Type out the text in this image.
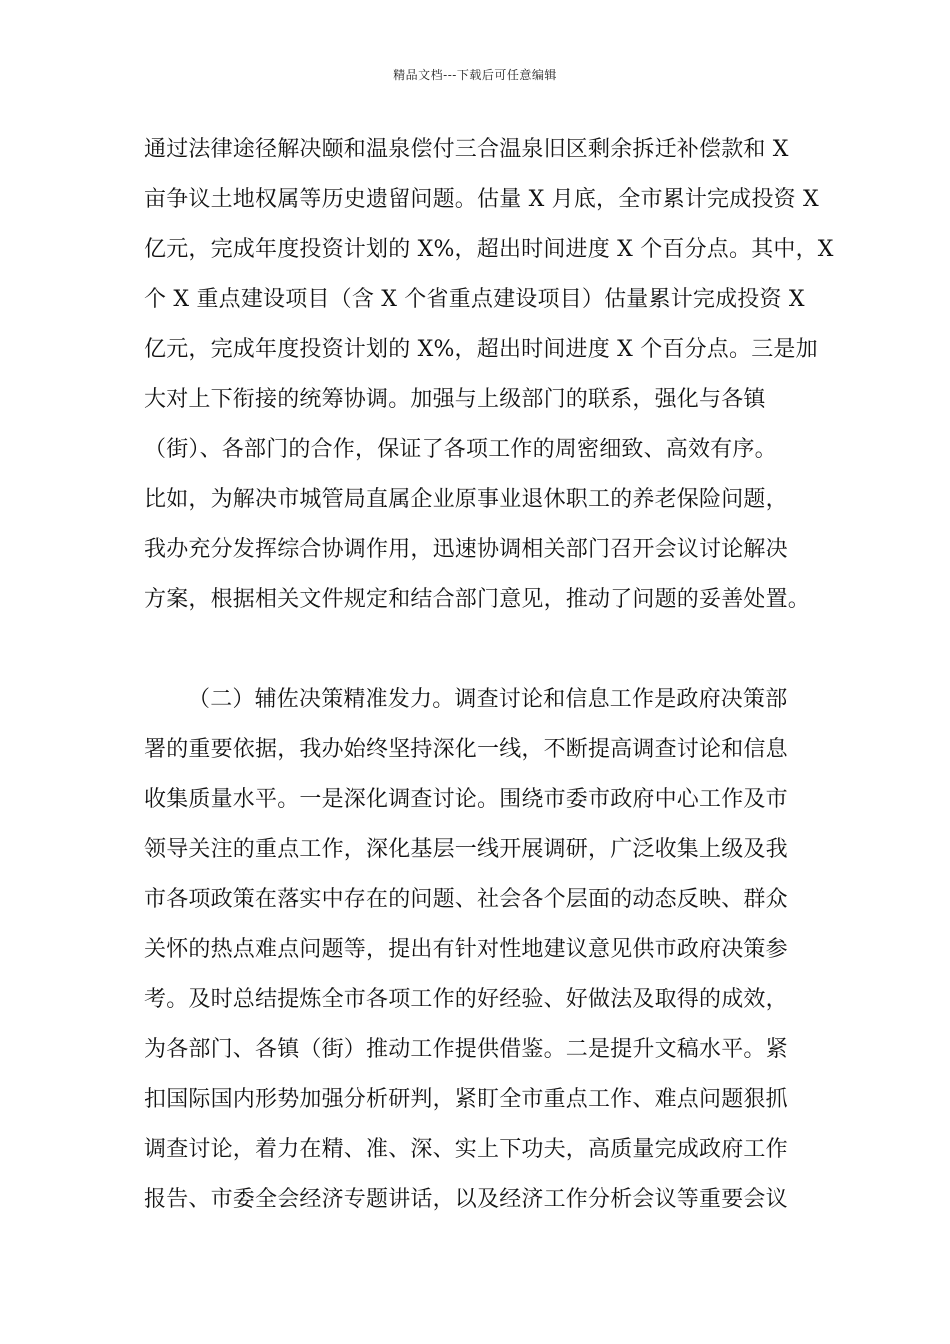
精品文档---下载后可任意编辑
通过法律途径解决颐和温泉偿付三合温泉旧区剩余拆迁补偿款和 X
亩争议土地权属等历史遗留问题。估量 X 月底，全市累计完成投资 X
亿元，完成年度投资计划的 X%，超出时间进度 X 个百分点。其中，X
个 X 重点建设项目（含 X 个省重点建设项目）估量累计完成投资 X
亿元，完成年度投资计划的 X%，超出时间进度 X 个百分点。三是加
大对上下衔接的统筹协调。加强与上级部门的联系，强化与各镇
（街）、各部门的合作，保证了各项工作的周密细致、高效有序。
比如，为解决市城管局直属企业原事业退休职工的养老保险问题，
我办充分发挥综合协调作用，迅速协调相关部门召开会议讨论解决
方案，根据相关文件规定和结合部门意见，推动了问题的妥善处置。
（二）辅佐决策精准发力。调查讨论和信息工作是政府决策部
署的重要依据，我办始终坚持深化一线，不断提高调查讨论和信息
收集质量水平。一是深化调查讨论。围绕市委市政府中心工作及市
领导关注的重点工作，深化基层一线开展调研，广泛收集上级及我
市各项政策在落实中存在的问题、社会各个层面的动态反映、群众
关怀的热点难点问题等，提出有针对性地建议意见供市政府决策参
考。及时总结提炼全市各项工作的好经验、好做法及取得的成效，
为各部门、各镇（街）推动工作提供借鉴。二是提升文稿水平。紧
扣国际国内形势加强分析研判，紧盯全市重点工作、难点问题狠抓
调查讨论，着力在精、准、深、实上下功夫，高质量完成政府工作
报告、市委全会经济专题讲话，以及经济工作分析会议等重要会议
